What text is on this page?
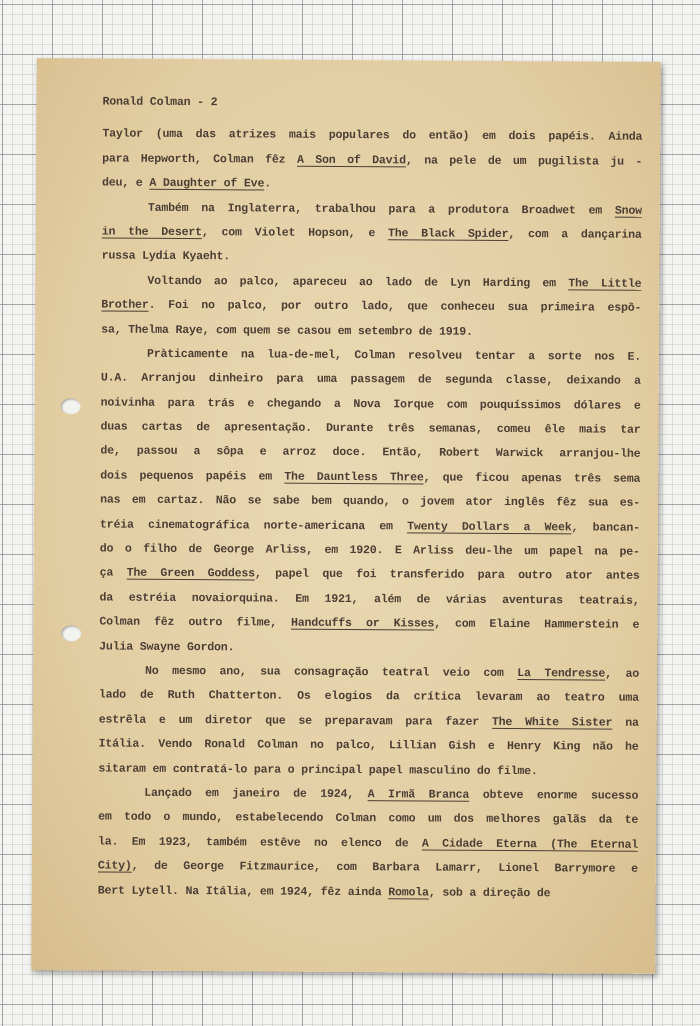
Ronald Colman - 2
Taylor (uma das atrizes mais populares do então) em dois papéis. Ainda
para Hepworth, Colman fêz A Son of David, na pele de um pugilista ju -
deu, e A Daughter of Eve.
Também na Inglaterra, trabalhou para a produtora Broadwet em Snow
in the Desert, com Violet Hopson, e The Black Spider, com a dançarina
russa Lydia Kyaeht.
Voltando ao palco, apareceu ao lado de Lyn Harding em The Little
Brother. Foi no palco, por outro lado, que conheceu sua primeira espô-
sa, Thelma Raye, com quem se casou em setembro de 1919.
Pràticamente na lua-de-mel, Colman resolveu tentar a sorte nos E.
U.A. Arranjou dinheiro para uma passagem de segunda classe, deixando a
noivinha para trás e chegando a Nova Iorque com pouquíssimos dólares e
duas cartas de apresentação. Durante três semanas, comeu êle mais tar
de, passou a sôpa e arroz doce. Então, Robert Warwick arranjou-lhe
dois pequenos papéis em The Dauntless Three, que ficou apenas três sema
nas em cartaz. Não se sabe bem quando, o jovem ator inglês fêz sua es-
tréia cinematográfica norte-americana em Twenty Dollars a Week, bancan-
do o filho de George Arliss, em 1920. E Arliss deu-lhe um papel na pe-
ça The Green Goddess, papel que foi transferido para outro ator antes
da estréia novaiorquina. Em 1921, além de várias aventuras teatrais,
Colman fêz outro filme, Handcuffs or Kisses, com Elaine Hammerstein e
Julia Swayne Gordon.
No mesmo ano, sua consagração teatral veio com La Tendresse, ao
lado de Ruth Chatterton. Os elogios da crítica levaram ao teatro uma
estrêla e um diretor que se preparavam para fazer The White Sister na
Itália. Vendo Ronald Colman no palco, Lillian Gish e Henry King não he
sitaram em contratá-lo para o principal papel masculino do filme.
Lançado em janeiro de 1924, A Irmã Branca obteve enorme sucesso
em todo o mundo, estabelecendo Colman como um dos melhores galãs da te
la. Em 1923, também estêve no elenco de A Cidade Eterna (The Eternal
City), de George Fitzmaurice, com Barbara Lamarr, Lionel Barrymore e
Bert Lytell. Na Itália, em 1924, fêz ainda Romola, sob a direção de
